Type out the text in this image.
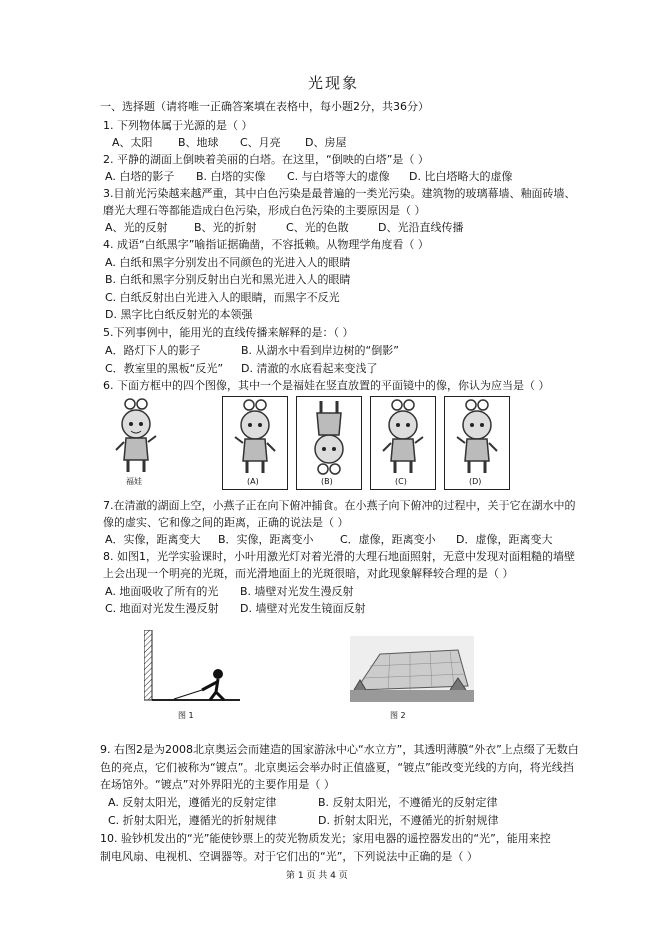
光现象
一、选择题（请将唯一正确答案填在表格中，每小题2分，共36分）
1. 下列物体属于光源的是（ ）
A、太阳 B、地球 C、月亮 D、房屋
2. 平静的湖面上倒映着美丽的白塔。在这里，“倒映的白塔”是（ ）
A. 白塔的影子 B. 白塔的实像 C. 与白塔等大的虚像 D. 比白塔略大的虚像
3.目前光污染越来越严重，其中白色污染是最普遍的一类光污染。建筑物的玻璃幕墙、釉面砖墙、
磨光大理石等都能造成白色污染，形成白色污染的主要原因是（ ）
A、光的反射 B、光的折射	C、光的色散	D、光沿直线传播
4. 成语“白纸黑字”喻指证据确凿，不容抵赖。从物理学角度看（ ）
A. 白纸和黑字分别发出不同颜色的光进入人的眼睛
B. 白纸和黑字分别反射出白光和黑光进入人的眼睛
C. 白纸反射出白光进入人的眼睛，而黑字不反光
D. 黑字比白纸反射光的本领强
5.下列事例中，能用光的直线传播来解释的是：（ ）
A．路灯下人的影子	B. 从湖水中看到岸边树的“倒影”
C．教室里的黑板“反光” D. 清澈的水底看起来变浅了
6. 下面方框中的四个图像，其中一个是福娃在竖直放置的平面镜中的像，你认为应当是（ ）
福娃	(A)	(B)	(C)	(D)
7.在清澈的湖面上空，小燕子正在向下俯冲捕食。在小燕子向下俯冲的过程中，关于它在湖水中的
像的虚实、它和像之间的距离，正确的说法是（ ）
A．实像，距离变大 B．实像，距离变小 C．虚像，距离变小 D．虚像，距离变大
8. 如图1，光学实验课时，小叶用激光灯对着光滑的大理石地面照射，无意中发现对面粗糙的墙壁
上会出现一个明亮的光斑，而光滑地面上的光斑很暗，对此现象解释较合理的是（ ）
A. 地面吸收了所有的光 B. 墙壁对光发生漫反射
C. 地面对光发生漫反射 D. 墙壁对光发生镜面反射
图 1	图 2
9. 右图2是为2008北京奥运会而建造的国家游泳中心“水立方”，其透明薄膜“外衣”上点缀了无数白
色的亮点，它们被称为“镀点”。北京奥运会举办时正值盛夏，“镀点”能改变光线的方向，将光线挡
在场馆外。“镀点”对外界阳光的主要作用是（ ）
A. 反射太阳光，遵循光的反射定律	B. 反射太阳光，不遵循光的反射定律
C. 折射太阳光，遵循光的折射规律	D. 折射太阳光，不遵循光的折射规律
10. 验钞机发出的“光”能使钞票上的荧光物质发光；家用电器的遥控器发出的“光”，能用来控
制电风扇、电视机、空调器等。对于它们出的“光”，下列说法中正确的是（ ）
第 1 页 共 4 页
